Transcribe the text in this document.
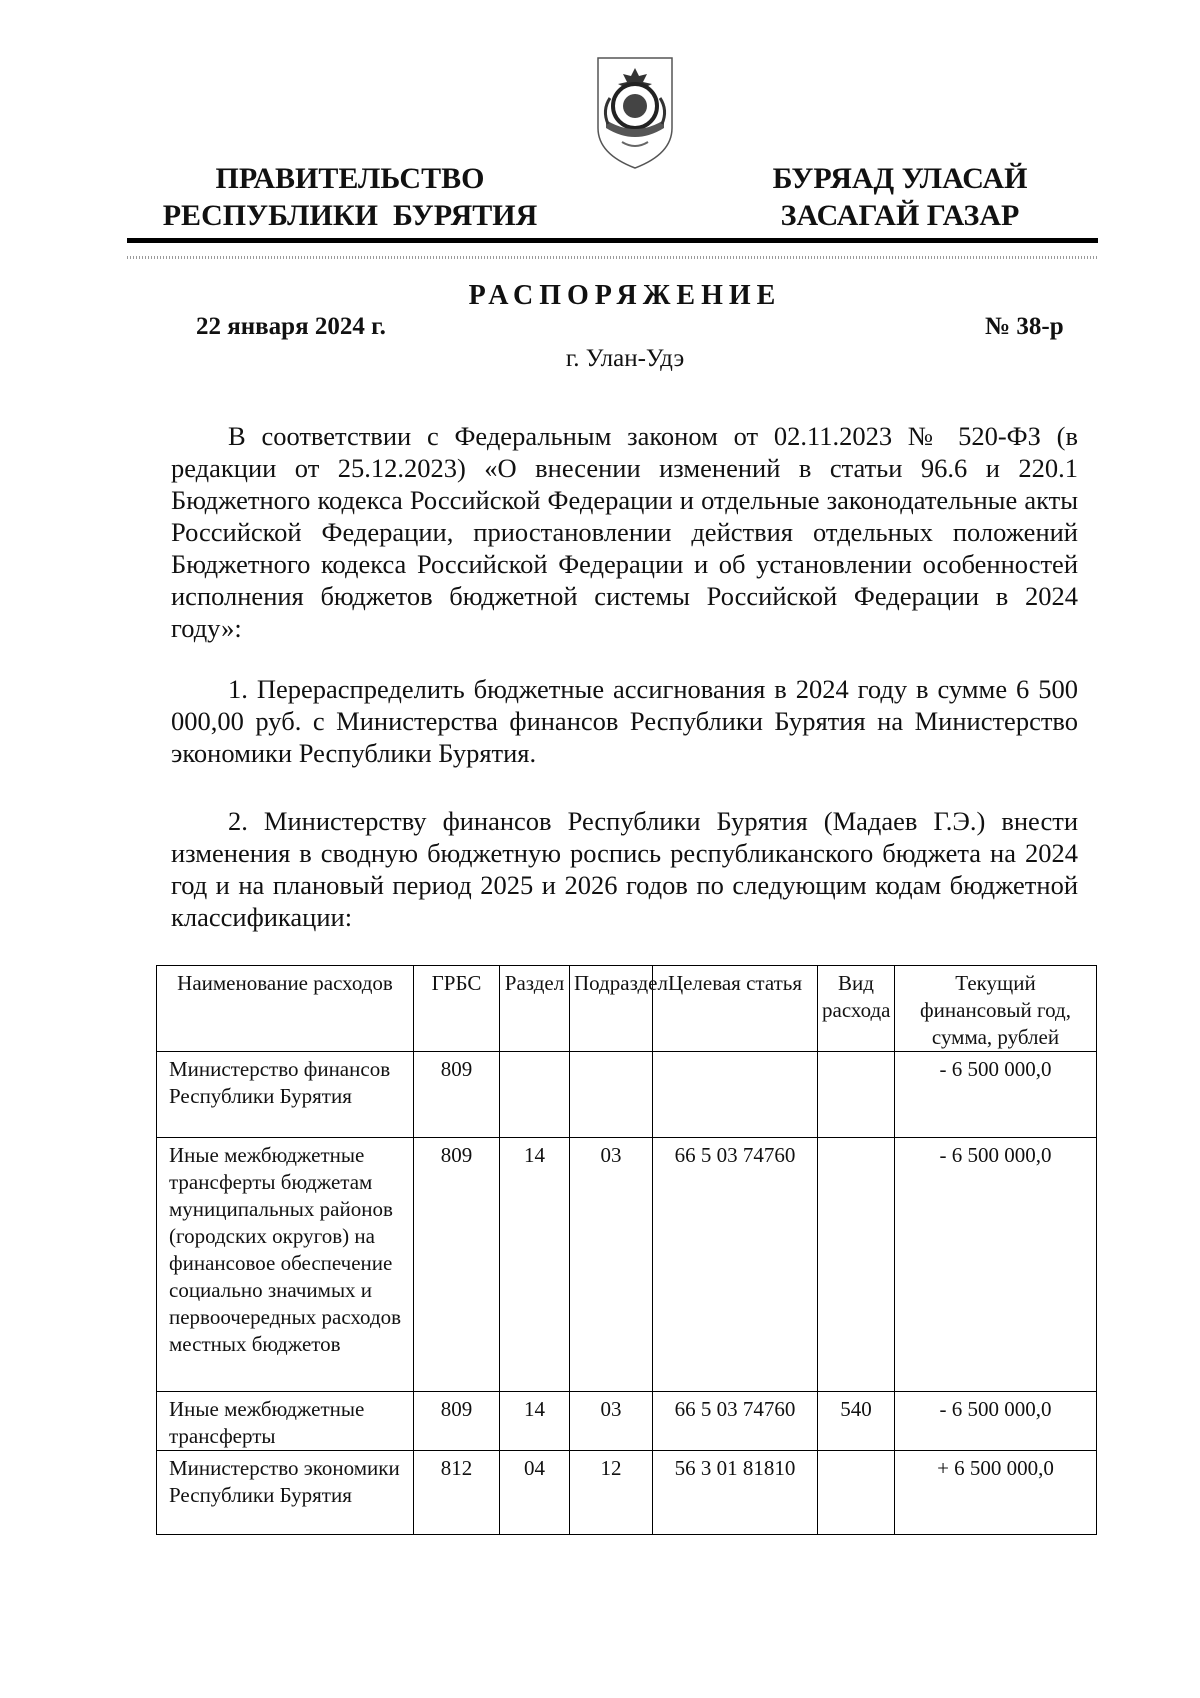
ПРАВИТЕЛЬСТВО
РЕСПУБЛИКИ  БУРЯТИЯ
БУРЯАД УЛАСАЙ
ЗАСАГАЙ ГАЗАР
РАСПОРЯЖЕНИЕ
22 января 2024 г.	№ 38-р
г. Улан-Удэ

В соответствии с Федеральным законом от 02.11.2023 № 520-ФЗ (в редакции от 25.12.2023) «О внесении изменений в статьи 96.6 и 220.1 Бюджетного кодекса Российской Федерации и отдельные законодательные акты Российской Федерации, приостановлении действия отдельных положений Бюджетного кодекса Российской Федерации и об установлении особенностей исполнения бюджетов бюджетной системы Российской Федерации в 2024 году»:

1. Перераспределить бюджетные ассигнования в 2024 году в сумме 6 500 000,00 руб. с Министерства финансов Республики Бурятия на Министерство экономики Республики Бурятия.

2. Министерству финансов Республики Бурятия (Мадаев Г.Э.) внести изменения в сводную бюджетную роспись республиканского бюджета на 2024 год и на плановый период 2025 и 2026 годов по следующим кодам бюджетной классификации:

Наименование расходов	ГРБС	Раздел	Подраздел	Целевая статья	Вид расхода	Текущий финансовый год, сумма, рублей
Министерство финансов Республики Бурятия	809					- 6 500 000,0
Иные межбюджетные трансферты бюджетам муниципальных районов (городских округов) на финансовое обеспечение социально значимых и первоочередных расходов местных бюджетов	809	14	03	66 5 03 74760		- 6 500 000,0
Иные межбюджетные трансферты	809	14	03	66 5 03 74760	540	- 6 500 000,0
Министерство экономики Республики Бурятия	812	04	12	56 3 01 81810		+ 6 500 000,0
